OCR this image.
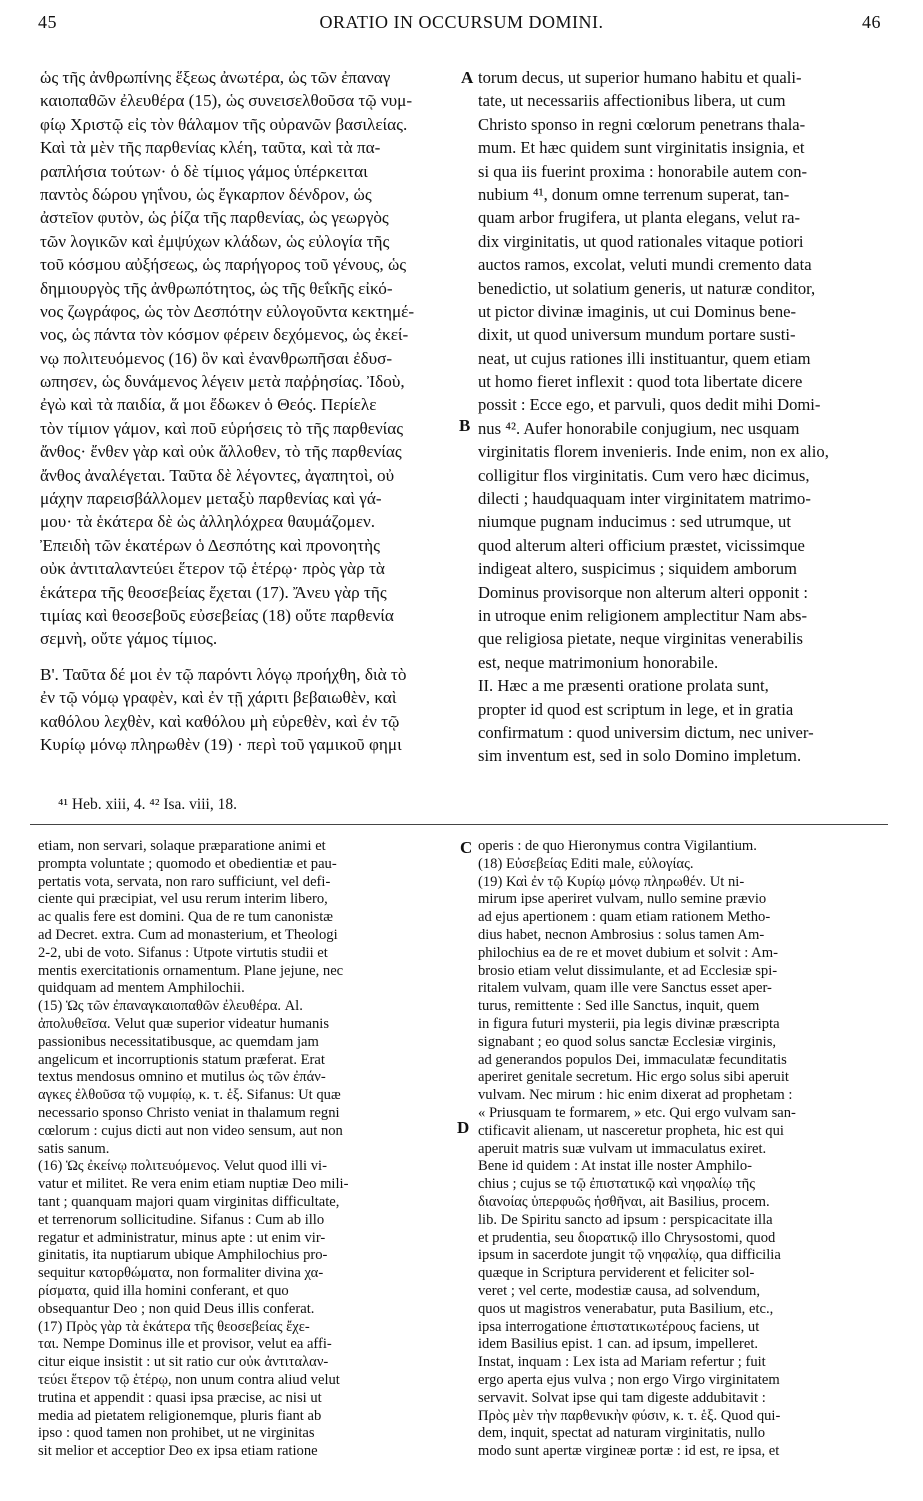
45	ORATIO IN OCCURSUM DOMINI.	46
ὡς τῆς ἀνθρωπίνης ἕξεως ἀνωτέρα, ὡς τῶν ἐπαναγ
καιοπαθῶν ἐλευθέρα (15), ὡς συνεισελθοῦσα τῷ νυμ-
φίῳ Χριστῷ εἰς τὸν θάλαμον τῆς οὐρανῶν βασιλείας.
Καὶ τὰ μὲν τῆς παρθενίας κλέη, ταῦτα, καὶ τὰ πα-
ραπλήσια τούτων· ὁ δὲ τίμιος γάμος ὑπέρκειται
παντὸς δώρου γηΐνου, ὡς ἔγκαρπον δένδρον, ὡς
ἀστεῖον φυτὸν, ὡς ῥίζα τῆς παρθενίας, ὡς γεωργὸς
τῶν λογικῶν καὶ ἐμψύχων κλάδων, ὡς εὐλογία τῆς
τοῦ κόσμου αὐξήσεως, ὡς παρήγορος τοῦ γένους, ὡς
δημιουργὸς τῆς ἀνθρωπότητος, ὡς τῆς θεΐκῆς εἰκό-
νος ζωγράφος, ὡς τὸν Δεσπότην εὐλογοῦντα κεκτημέ-
νος, ὡς πάντα τὸν κόσμον φέρειν δεχόμενος, ὡς ἐκεί-
νῳ πολιτευόμενος (16) ὃν καὶ ἐνανθρωπῆσαι ἐδυσ-
ωπησεν, ὡς δυνάμενος λέγειν μετὰ παῤῥησίας. Ἰδοὺ,
ἐγὼ καὶ τὰ παιδία, ἅ μοι ἔδωκεν ὁ Θεός. Περίελε
τὸν τίμιον γάμον, καὶ ποῦ εὑρήσεις τὸ τῆς παρθενίας
ἄνθος· ἔνθεν γὰρ καὶ οὐκ ἄλλοθεν, τὸ τῆς παρθενίας
ἄνθος ἀναλέγεται. Ταῦτα δὲ λέγοντες, ἀγαπητοὶ, οὐ
μάχην παρεισβάλλομεν μεταξὺ παρθενίας καὶ γά-
μου· τὰ ἑκάτερα δὲ ὡς ἀλληλόχρεα θαυμάζομεν.
Ἐπειδὴ τῶν ἑκατέρων ὁ Δεσπότης καὶ προνοητὴς
οὐκ ἀντιταλαντεύει ἕτερον τῷ ἑτέρῳ· πρὸς γὰρ τὰ
ἑκάτερα τῆς θεοσεβείας ἔχεται (17). Ἄνευ γὰρ τῆς
τιμίας καὶ θεοσεβοῦς εὐσεβείας (18) οὔτε παρθενία
σεμνὴ, οὔτε γάμος τίμιος.
Β'. Ταῦτα δέ μοι ἐν τῷ παρόντι λόγῳ προήχθη, διὰ τὸ
ἐν τῷ νόμῳ γραφὲν, καὶ ἐν τῇ χάριτι βεβαιωθὲν, καὶ
καθόλου λεχθὲν, καὶ καθόλου μὴ εὑρεθὲν, καὶ ἐν τῷ
Κυρίῳ μόνῳ πληρωθὲν (19) · περὶ τοῦ γαμικοῦ φημι
torum decus, ut superior humano habitu et quali-
tate, ut necessariis affectionibus libera, ut cum
Christo sponso in regni cœlorum penetrans thala-
mum. Et hæc quidem sunt virginitatis insignia, et
si qua iis fuerint proxima : honorabile autem con-
nubium ⁴¹, donum omne terrenum superat, tan-
quam arbor frugifera, ut planta elegans, velut ra-
dix virginitatis, ut quod rationales vitaque potiori
auctos ramos, excolat, veluti mundi cremento data
benedictio, ut solatium generis, ut naturæ conditor,
ut pictor divinæ imaginis, ut cui Dominus bene-
dixit, ut quod universum mundum portare susti-
neat, ut cujus rationes illi instituantur, quem etiam
ut homo fieret inflexit : quod tota libertate dicere
possit : Ecce ego, et parvuli, quos dedit mihi Domi-
nus ⁴². Aufer honorabile conjugium, nec usquam
virginitatis florem invenieris. Inde enim, non ex alio,
colligitur flos virginitatis. Cum vero hæc dicimus,
dilecti ; haudquaquam inter virginitatem matrimo-
niumque pugnam inducimus : sed utrumque, ut
quod alterum alteri officium præstet, vicissimque
indigeat altero, suspicimus ; siquidem amborum
Dominus provisorque non alterum alteri opponit :
in utroque enim religionem amplectitur Nam abs-
que religiosa pietate, neque virginitas venerabilis
est, neque matrimonium honorabile.
II. Hæc a me præsenti oratione prolata sunt,
propter id quod est scriptum in lege, et in gratia
confirmatum : quod universim dictum, nec univer-
sim inventum est, sed in solo Domino impletum.
A
B
C
D
⁴¹ Heb. xiii, 4. ⁴² Isa. viii, 18.
etiam, non servari, solaque præparatione animi et
prompta voluntate ; quomodo et obedientiæ et pau-
pertatis vota, servata, non raro sufficiunt, vel defi-
ciente qui præcipiat, vel usu rerum interim libero,
ac qualis fere est domini. Qua de re tum canonistæ
ad Decret. extra. Cum ad monasterium, et Theologi
2-2, ubi de voto. Sifanus : Utpote virtutis studii et
mentis exercitationis ornamentum. Plane jejune, nec
quidquam ad mentem Amphilochii.
(15) Ὡς τῶν ἐπαναγκαιοπαθῶν ἐλευθέρα. Al.
ἀπολυθεῖσα. Velut quæ superior videatur humanis
passionibus necessitatibusque, ac quemdam jam
angelicum et incorruptionis statum præferat. Erat
textus mendosus omnino et mutilus ὡς τῶν ἐπάν-
αγκες ἐλθοῦσα τῷ νυμφίῳ, κ. τ. ἑξ. Sifanus: Ut quæ
necessario sponso Christo veniat in thalamum regni
cœlorum : cujus dicti aut non video sensum, aut non
satis sanum.
(16) Ὡς ἐκείνῳ πολιτευόμενος. Velut quod illi vi-
vatur et militet. Re vera enim etiam nuptiæ Deo mili-
tant ; quanquam majori quam virginitas difficultate,
et terrenorum sollicitudine. Sifanus : Cum ab illo
regatur et administratur, minus apte : ut enim vir-
ginitatis, ita nuptiarum ubique Amphilochius pro-
sequitur κατορθώματα, non formaliter divina χα-
ρίσματα, quid illa homini conferant, et quo
obsequantur Deo ; non quid Deus illis conferat.
(17) Πρὸς γὰρ τὰ ἑκάτερα τῆς θεοσεβείας ἔχε-
ται. Nempe Dominus ille et provisor, velut ea affi-
citur eique insistit : ut sit ratio cur οὐκ ἀντιταλαν-
τεύει ἕτερον τῷ ἑτέρῳ, non unum contra aliud velut
trutina et appendit : quasi ipsa præcise, ac nisi ut
media ad pietatem religionemque, pluris fiant ab
ipso : quod tamen non prohibet, ut ne virginitas
sit melior et acceptior Deo ex ipsa etiam ratione
operis : de quo Hieronymus contra Vigilantium.
(18) Εὐσεβείας Editi male, εὐλογίας.
(19) Καὶ ἐν τῷ Κυρίῳ μόνῳ πληρωθέν. Ut ni-
mirum ipse aperiret vulvam, nullo semine prævio
ad ejus apertionem : quam etiam rationem Metho-
dius habet, necnon Ambrosius : solus tamen Am-
philochius ea de re et movet dubium et solvit : Am-
brosio etiam velut dissimulante, et ad Ecclesiæ spi-
ritalem vulvam, quam ille vere Sanctus esset aper-
turus, remittente : Sed ille Sanctus, inquit, quem
in figura futuri mysterii, pia legis divinæ præscripta
signabant ; eo quod solus sanctæ Ecclesiæ virginis,
ad generandos populos Dei, immaculatæ fecunditatis
aperiret genitale secretum. Hic ergo solus sibi aperuit
vulvam. Nec mirum : hic enim dixerat ad prophetam :
« Priusquam te formarem, » etc. Qui ergo vulvam san-
ctificavit alienam, ut nasceretur propheta, hic est qui
aperuit matris suæ vulvam ut immaculatus exiret.
Bene id quidem : At instat ille noster Amphilo-
chius ; cujus se τῷ ἐπιστατικῷ καὶ νηφαλίῳ τῆς
διανοίας ὑπερφυῶς ἡσθῆναι, ait Basilius, procem.
lib. De Spiritu sancto ad ipsum : perspicacitate illa
et prudentia, seu διορατικῷ illo Chrysostomi, quod
ipsum in sacerdote jungit τῷ νηφαλίῳ, qua difficilia
quæque in Scriptura perviderent et feliciter sol-
veret ; vel certe, modestiæ causa, ad solvendum,
quos ut magistros venerabatur, puta Basilium, etc.,
ipsa interrogatione ἐπιστατικωτέρους faciens, ut
idem Basilius epist. 1 can. ad ipsum, impelleret.
Instat, inquam : Lex ista ad Mariam refertur ; fuit
ergo aperta ejus vulva ; non ergo Virgo virginitatem
servavit. Solvat ipse qui tam digeste addubitavit :
Πρὸς μὲν τὴν παρθενικὴν φύσιν, κ. τ. ἑξ. Quod qui-
dem, inquit, spectat ad naturam virginitatis, nullo
modo sunt apertæ virgineæ portæ : id est, re ipsa, et
